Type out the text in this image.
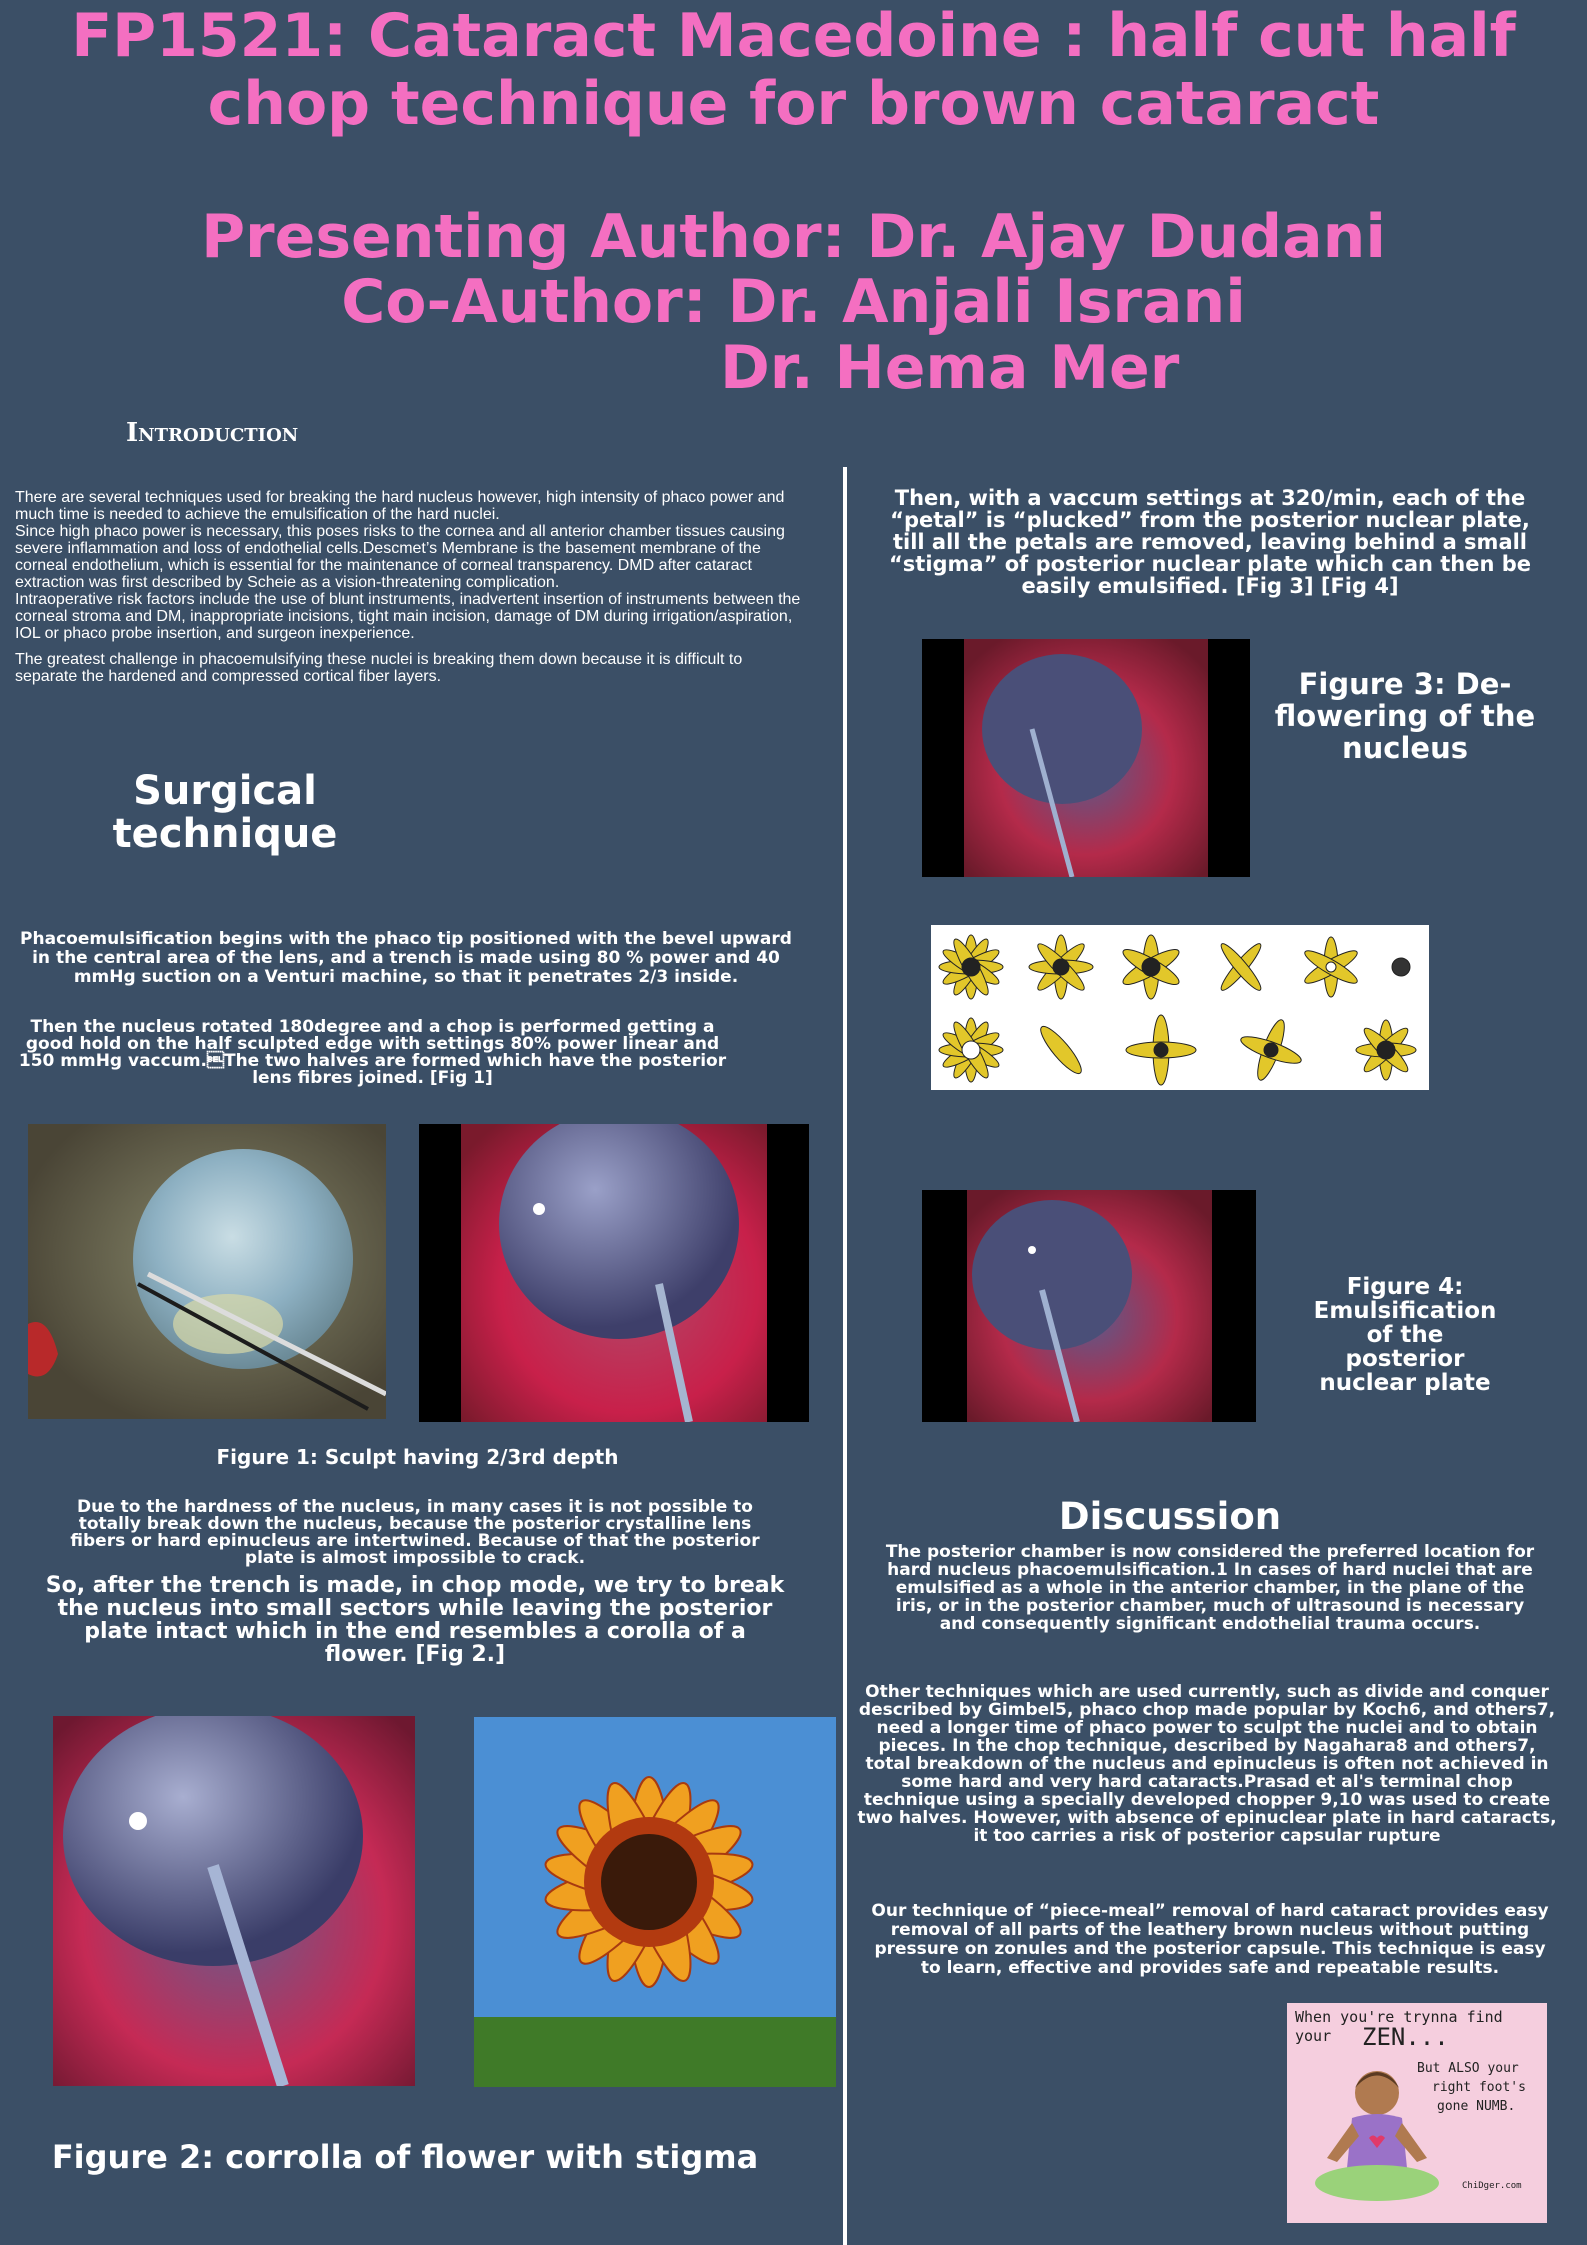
FP1521: Cataract Macedoine : half cut half
chop technique for brown cataract
Presenting Author: Dr. Ajay Dudani
Co-Author: Dr. Anjali Israni
Dr. Hema Mer
Introduction

There are several techniques used for breaking the hard nucleus however, high intensity of phaco power and much time is needed to achieve the emulsification of the hard nuclei.

Since high phaco power is necessary, this poses risks to the cornea and all anterior chamber tissues causing severe inflammation and loss of endothelial cells.Descmet’s Membrane is the basement membrane of the corneal endothelium, which is essential for the maintenance of corneal transparency. DMD after cataract extraction was first described by Scheie as a vision-threatening complication.

Intraoperative risk factors include the use of blunt instruments, inadvertent insertion of instruments between the corneal stroma and DM, inappropriate incisions, tight main incision, damage of DM during irrigation/aspiration, IOL or phaco probe insertion, and surgeon inexperience.

The greatest challenge in phacoemulsifying these nuclei is breaking them down because it is difficult to separate the hardened and compressed cortical fiber layers.

Surgical
technique
Phacoemulsification begins with the phaco tip positioned with the bevel upward in the central area of the lens, and a trench is made using 80 % power and 40 mmHg suction on a Venturi machine, so that it penetrates 2/3 inside.
Then the nucleus rotated 180degree and a chop is performed getting a good hold on the half sculpted edge with settings 80% power linear and 150 mmHg vaccum.The two halves are formed which have the posterior lens fibres joined. [Fig 1]
Figure 1: Sculpt having 2/3rd depth
Due to the hardness of the nucleus, in many cases it is not possible to totally break down the nucleus, because the posterior crystalline lens fibers or hard epinucleus are intertwined. Because of that the posterior plate is almost impossible to crack.
So, after the trench is made, in chop mode, we try to break the nucleus into small sectors while leaving the posterior plate intact which in the end resembles a corolla of a flower. [Fig 2.]
Figure 2: corrolla of flower with stigma
Then, with a vaccum settings at 320/min, each of the “petal” is “plucked” from the posterior nuclear plate, till all the petals are removed, leaving behind a small “stigma” of posterior nuclear plate which can then be easily emulsified. [Fig 3] [Fig 4]
Figure 3: De-flowering of the nucleus
Figure 4: Emulsification of the posterior nuclear plate
Discussion
The posterior chamber is now considered the preferred location for hard nucleus phacoemulsification.1 In cases of hard nuclei that are emulsified as a whole in the anterior chamber, in the plane of the iris, or in the posterior chamber, much of ultrasound is necessary and consequently significant endothelial trauma occurs.
Other techniques which are used currently, such as divide and conquer described by Gimbel5, phaco chop made popular by Koch6, and others7, need a longer time of phaco power to sculpt the nuclei and to obtain pieces. In the chop technique, described by Nagahara8 and others7, total breakdown of the nucleus and epinucleus is often not achieved in some hard and very hard cataracts.Prasad et al's terminal chop technique using a specially developed chopper 9,10 was used to create two halves. However, with absence of epinuclear plate in hard cataracts, it too carries a risk of posterior capsular rupture
Our technique of “piece-meal” removal of hard cataract provides easy removal of all parts of the leathery brown nucleus without putting pressure on zonules and the posterior capsule. This technique is easy to learn, effective and provides safe and repeatable results.
When you're trynna find
your ZEN...
But ALSO your
right foot's
gone NUMB.
ChiDger.com
